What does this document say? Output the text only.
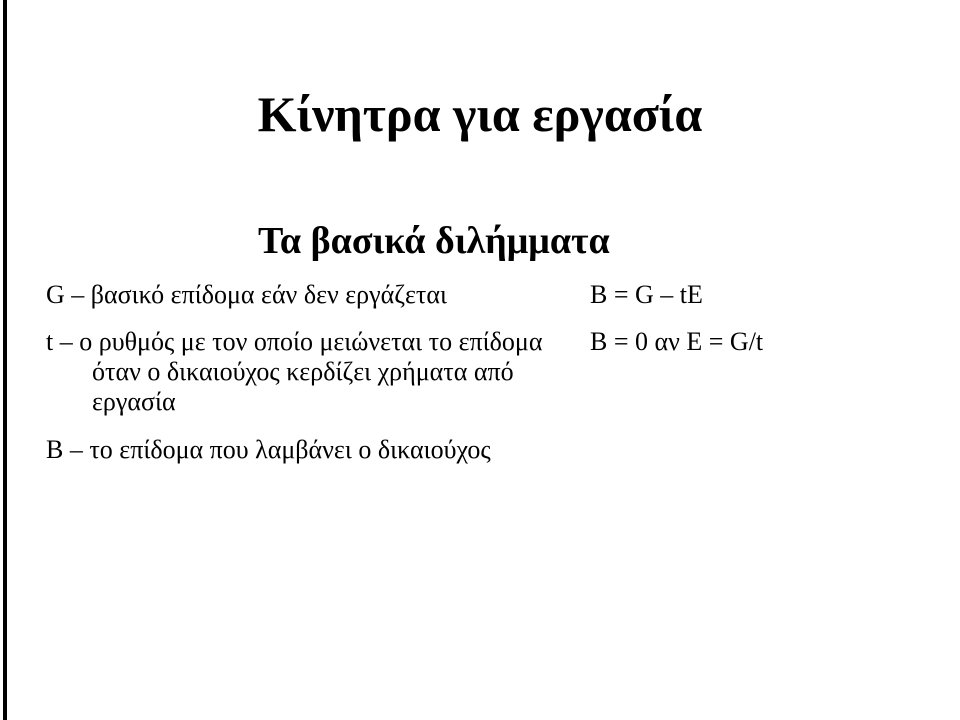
Κίνητρα για εργασία
Τα βασικά διλήμματα
G – βασικό επίδομα εάν δεν εργάζεται
t – ο ρυθμός με τον οποίο μειώνεται το επίδομα όταν ο δικαιούχος κερδίζει χρήματα από εργασία
B – το επίδομα που λαμβάνει ο δικαιούχος
B = G – tE
B = 0 αν E = G/t
